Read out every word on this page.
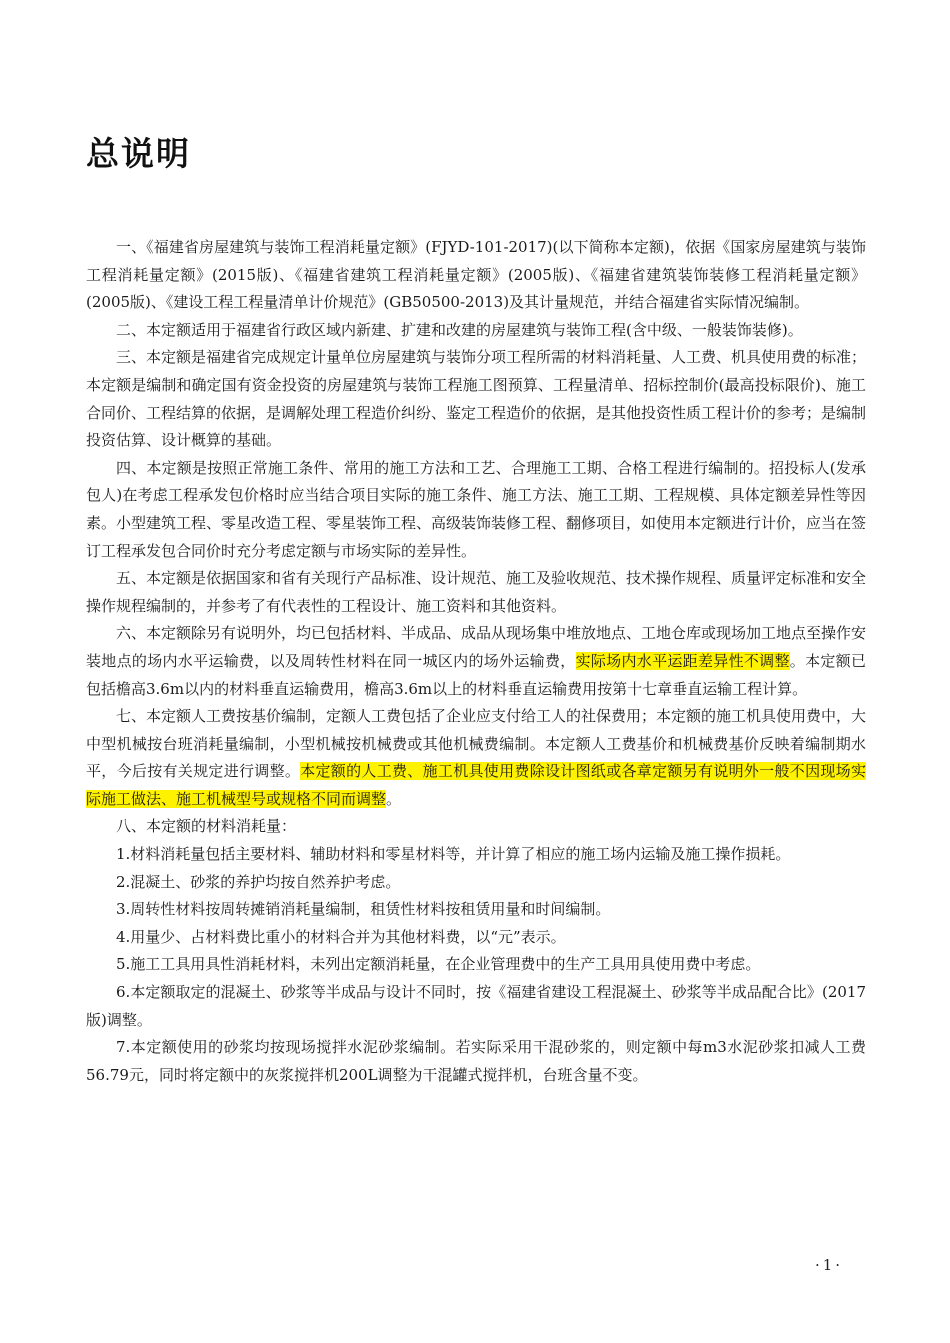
总说明

一、《福建省房屋建筑与装饰工程消耗量定额》(FJYD-101-2017)(以下简称本定额)，依据《国家房屋建筑与装饰工程消耗量定额》(2015版)、《福建省建筑工程消耗量定额》(2005版)、《福建省建筑装饰装修工程消耗量定额》(2005版)、《建设工程工程量清单计价规范》(GB50500-2013)及其计量规范，并结合福建省实际情况编制。

二、本定额适用于福建省行政区域内新建、扩建和改建的房屋建筑与装饰工程(含中级、一般装饰装修)。

三、本定额是福建省完成规定计量单位房屋建筑与装饰分项工程所需的材料消耗量、人工费、机具使用费的标准；本定额是编制和确定国有资金投资的房屋建筑与装饰工程施工图预算、工程量清单、招标控制价(最高投标限价)、施工合同价、工程结算的依据，是调解处理工程造价纠纷、鉴定工程造价的依据，是其他投资性质工程计价的参考；是编制投资估算、设计概算的基础。

四、本定额是按照正常施工条件、常用的施工方法和工艺、合理施工工期、合格工程进行编制的。招投标人(发承包人)在考虑工程承发包价格时应当结合项目实际的施工条件、施工方法、施工工期、工程规模、具体定额差异性等因素。小型建筑工程、零星改造工程、零星装饰工程、高级装饰装修工程、翻修项目，如使用本定额进行计价，应当在签订工程承发包合同价时充分考虑定额与市场实际的差异性。

五、本定额是依据国家和省有关现行产品标准、设计规范、施工及验收规范、技术操作规程、质量评定标准和安全操作规程编制的，并参考了有代表性的工程设计、施工资料和其他资料。

六、本定额除另有说明外，均已包括材料、半成品、成品从现场集中堆放地点、工地仓库或现场加工地点至操作安装地点的场内水平运输费，以及周转性材料在同一城区内的场外运输费，实际场内水平运距差异性不调整。本定额已包括檐高3.6m以内的材料垂直运输费用，檐高3.6m以上的材料垂直运输费用按第十七章垂直运输工程计算。

七、本定额人工费按基价编制，定额人工费包括了企业应支付给工人的社保费用；本定额的施工机具使用费中，大中型机械按台班消耗量编制，小型机械按机械费或其他机械费编制。本定额人工费基价和机械费基价反映着编制期水平，今后按有关规定进行调整。本定额的人工费、施工机具使用费除设计图纸或各章定额另有说明外一般不因现场实际施工做法、施工机械型号或规格不同而调整。

八、本定额的材料消耗量：

1.材料消耗量包括主要材料、辅助材料和零星材料等，并计算了相应的施工场内运输及施工操作损耗。

2.混凝土、砂浆的养护均按自然养护考虑。

3.周转性材料按周转摊销消耗量编制，租赁性材料按租赁用量和时间编制。

4.用量少、占材料费比重小的材料合并为其他材料费，以“元”表示。

5.施工工具用具性消耗材料，未列出定额消耗量，在企业管理费中的生产工具用具使用费中考虑。

6.本定额取定的混凝土、砂浆等半成品与设计不同时，按《福建省建设工程混凝土、砂浆等半成品配合比》(2017版)调整。

7.本定额使用的砂浆均按现场搅拌水泥砂浆编制。若实际采用干混砂浆的，则定额中每m3水泥砂浆扣减人工费56.79元，同时将定额中的灰浆搅拌机200L调整为干混罐式搅拌机，台班含量不变。

·1·
